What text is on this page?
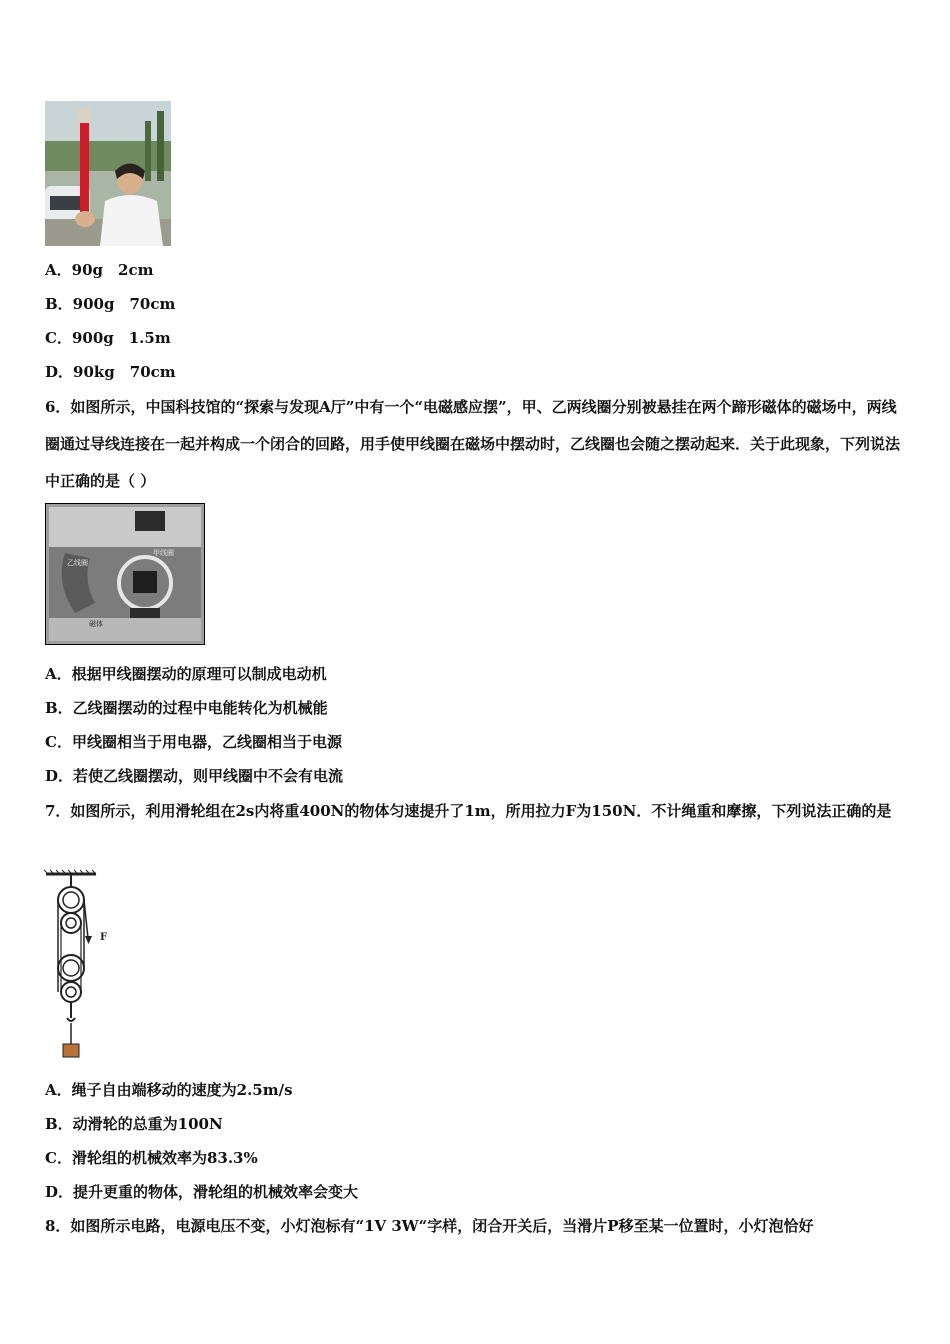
A．90g　2cm
B．900g　70cm
C．900g　1.5m
D．90kg　70cm
6．如图所示，中国科技馆的“探索与发现A厅”中有一个“电磁感应摆”，甲、乙两线圈分别被悬挂在两个蹄形磁体的磁场中，两线圈通过导线连接在一起并构成一个闭合的回路，用手使甲线圈在磁场中摆动时，乙线圈也会随之摆动起来．关于此现象，下列说法中正确的是（ ）
乙线圈
甲线圈
磁体
A．根据甲线圈摆动的原理可以制成电动机
B．乙线圈摆动的过程中电能转化为机械能
C．甲线圈相当于用电器，乙线圈相当于电源
D．若使乙线圈摆动，则甲线圈中不会有电流
7．如图所示，利用滑轮组在2s内将重400N的物体匀速提升了1m，所用拉力F为150N．不计绳重和摩擦，下列说法正确的是
F
A．绳子自由端移动的速度为2.5m/s
B．动滑轮的总重为100N
C．滑轮组的机械效率为83.3%
D．提升更重的物体，滑轮组的机械效率会变大
8．如图所示电路，电源电压不变，小灯泡标有“1V 3W“字样，闭合开关后，当滑片P移至某一位置时，小灯泡恰好
